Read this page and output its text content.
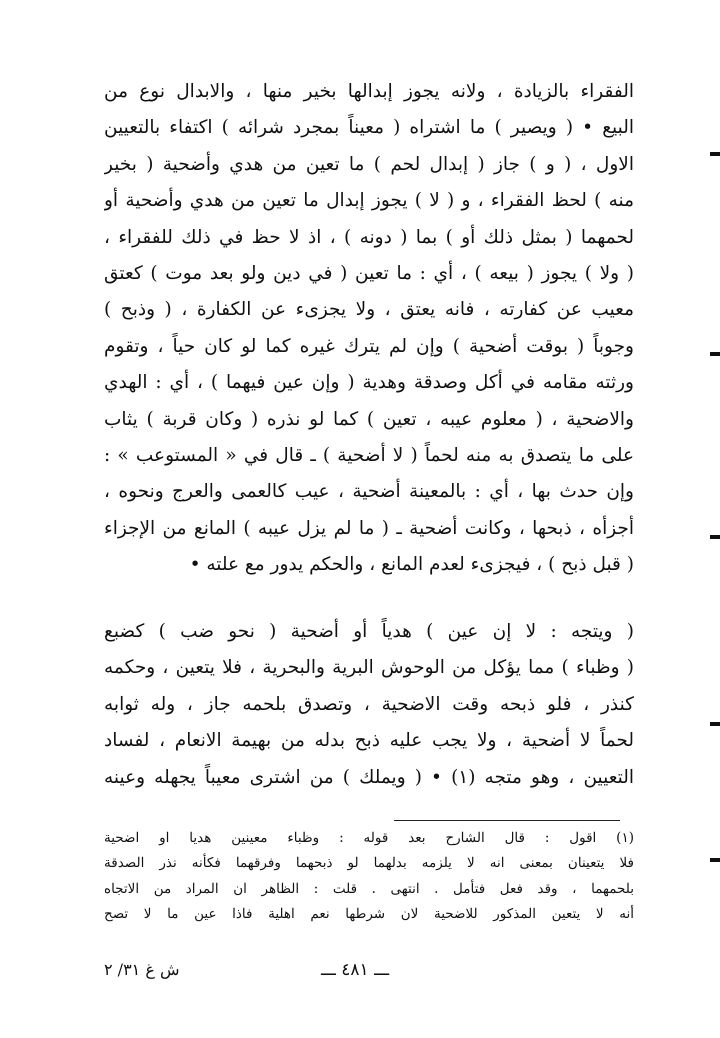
الفقراء بالزيادة ، ولانه يجوز إبدالها بخير منها ، والابدال نوع من
البيع • ( ويصير ) ما اشتراه ( معيناً بمجرد شرائه ) اكتفاء بالتعيين
الاول ، ( و ) جاز ( إبدال لحم ) ما تعين من هدي وأضحية ( بخير
منه ) لحظ الفقراء ، و ( لا ) يجوز إبدال ما تعين من هدي وأضحية أو
لحمهما ( بمثل ذلك أو ) بما ( دونه ) ، اذ لا حظ في ذلك للفقراء ،
( ولا ) يجوز ( بيعه ) ، أي : ما تعين ( في دين ولو بعد موت ) كعتق
معيب عن كفارته ، فانه يعتق ، ولا يجزىء عن الكفارة ، ( وذبح )
وجوباً ( بوقت أضحية ) وإن لم يترك غيره كما لو كان حياً ، وتقوم
ورثته مقامه في أكل وصدقة وهدية ( وإن عين فيهما ) ، أي : الهدي
والاضحية ، ( معلوم عيبه ، تعين ) كما لو نذره ( وكان قربة ) يثاب
على ما يتصدق به منه لحماً ( لا أضحية ) ـ قال في « المستوعب » :
وإن حدث بها ، أي : بالمعينة أضحية ، عيب كالعمى والعرج ونحوه ،
أجزأه ، ذبحها ، وكانت أضحية ـ ( ما لم يزل عيبه ) المانع من الإجزاء
( قبل ذبح ) ، فيجزىء لعدم المانع ، والحكم يدور مع علته •
( ويتجه : لا إن عين ) هدياً أو أضحية ( نحو ضب ) كضبع
( وظباء ) مما يؤكل من الوحوش البرية والبحرية ، فلا يتعين ، وحكمه
كنذر ، فلو ذبحه وقت الاضحية ، وتصدق بلحمه جاز ، وله ثوابه
لحماً لا أضحية ، ولا يجب عليه ذبح بدله من بهيمة الانعام ، لفساد
التعيين ، وهو متجه (١) • ( ويملك ) من اشترى معيباً يجهله وعينه
(١) اقول : قال الشارح بعد قوله : وظباء معينين هديا او اضحية
فلا يتعينان بمعنى انه لا يلزمه بدلهما لو ذبحهما وفرقهما فكأنه نذر الصدقة
بلحمهما ، وقد فعل فتأمل . انتهى . قلت : الظاهر ان المراد من الاتجاه
أنه لا يتعين المذكور للاضحية لان شرطها نعم اهلية فاذا عين ما لا تصح
ـــ ٤٨١ ـــ
ش غ ٣١/ ٢
